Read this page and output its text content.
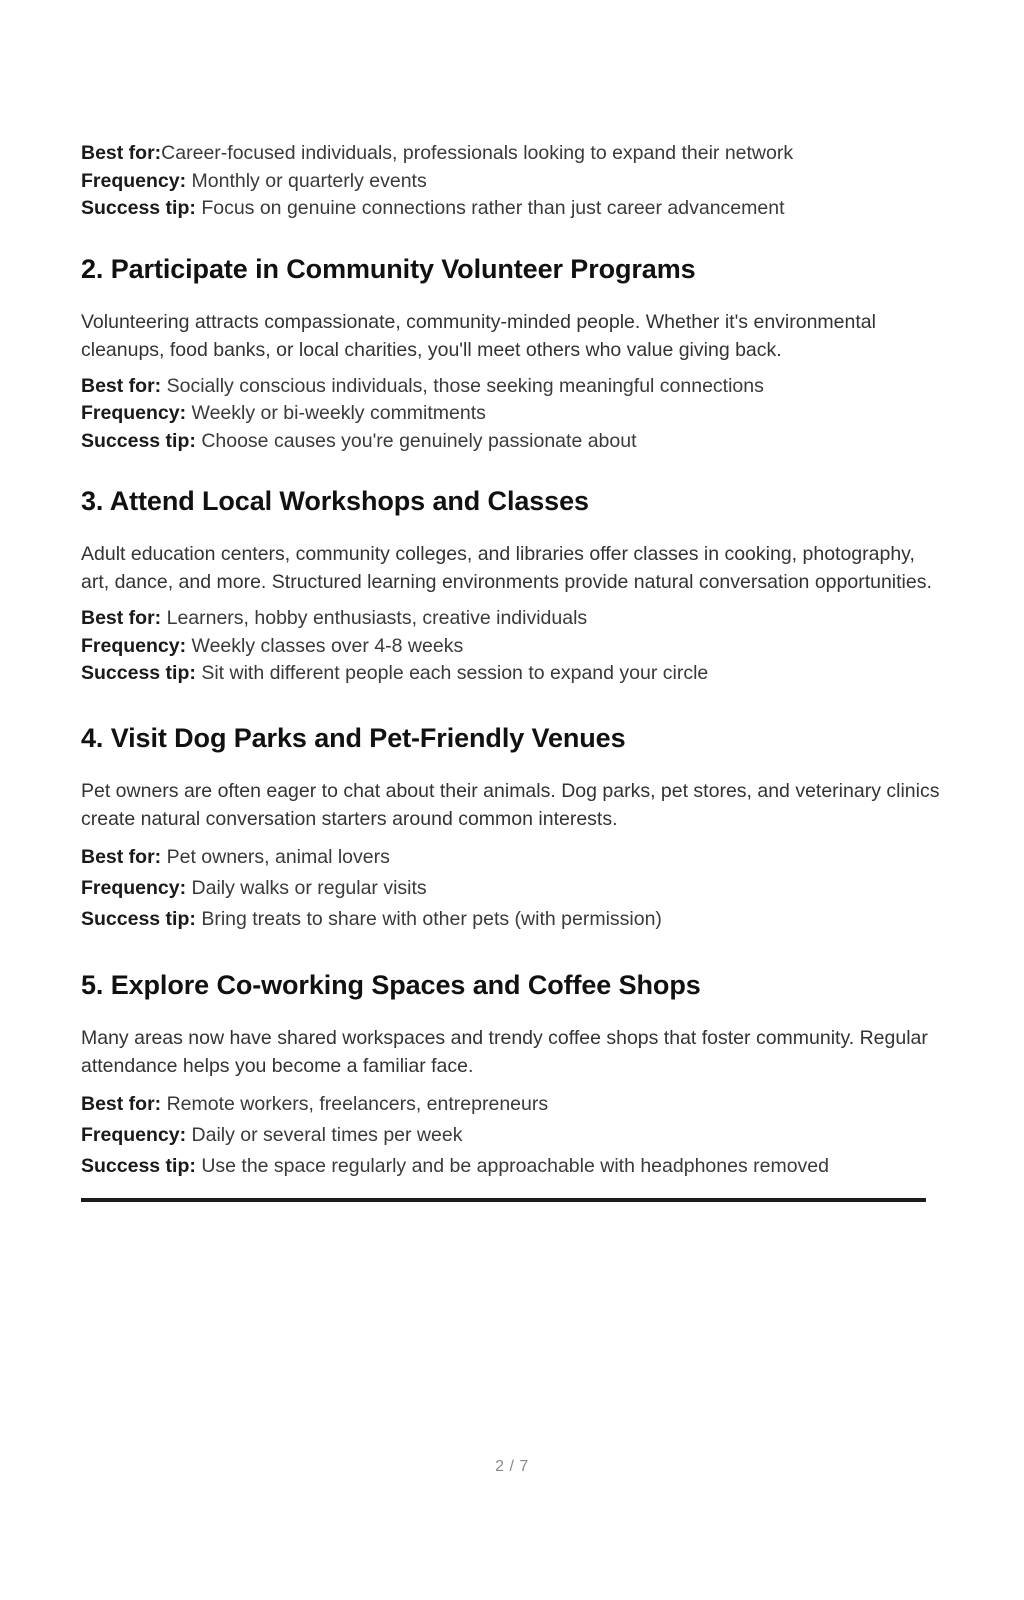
Best for:Career-focused individuals, professionals looking to expand their network
Frequency: Monthly or quarterly events
Success tip: Focus on genuine connections rather than just career advancement
2. Participate in Community Volunteer Programs

Volunteering attracts compassionate, community-minded people. Whether it's environmental cleanups, food banks, or local charities, you'll meet others who value giving back.

Best for: Socially conscious individuals, those seeking meaningful connections
Frequency: Weekly or bi-weekly commitments
Success tip: Choose causes you're genuinely passionate about
3. Attend Local Workshops and Classes

Adult education centers, community colleges, and libraries offer classes in cooking, photography, art, dance, and more. Structured learning environments provide natural conversation opportunities.

Best for: Learners, hobby enthusiasts, creative individuals
Frequency: Weekly classes over 4-8 weeks
Success tip: Sit with different people each session to expand your circle
4. Visit Dog Parks and Pet-Friendly Venues

Pet owners are often eager to chat about their animals. Dog parks, pet stores, and veterinary clinics create natural conversation starters around common interests.

Best for: Pet owners, animal lovers
Frequency: Daily walks or regular visits
Success tip: Bring treats to share with other pets (with permission)
5. Explore Co-working Spaces and Coffee Shops

Many areas now have shared workspaces and trendy coffee shops that foster community. Regular attendance helps you become a familiar face.

Best for: Remote workers, freelancers, entrepreneurs
Frequency: Daily or several times per week
Success tip: Use the space regularly and be approachable with headphones removed
2 / 7
